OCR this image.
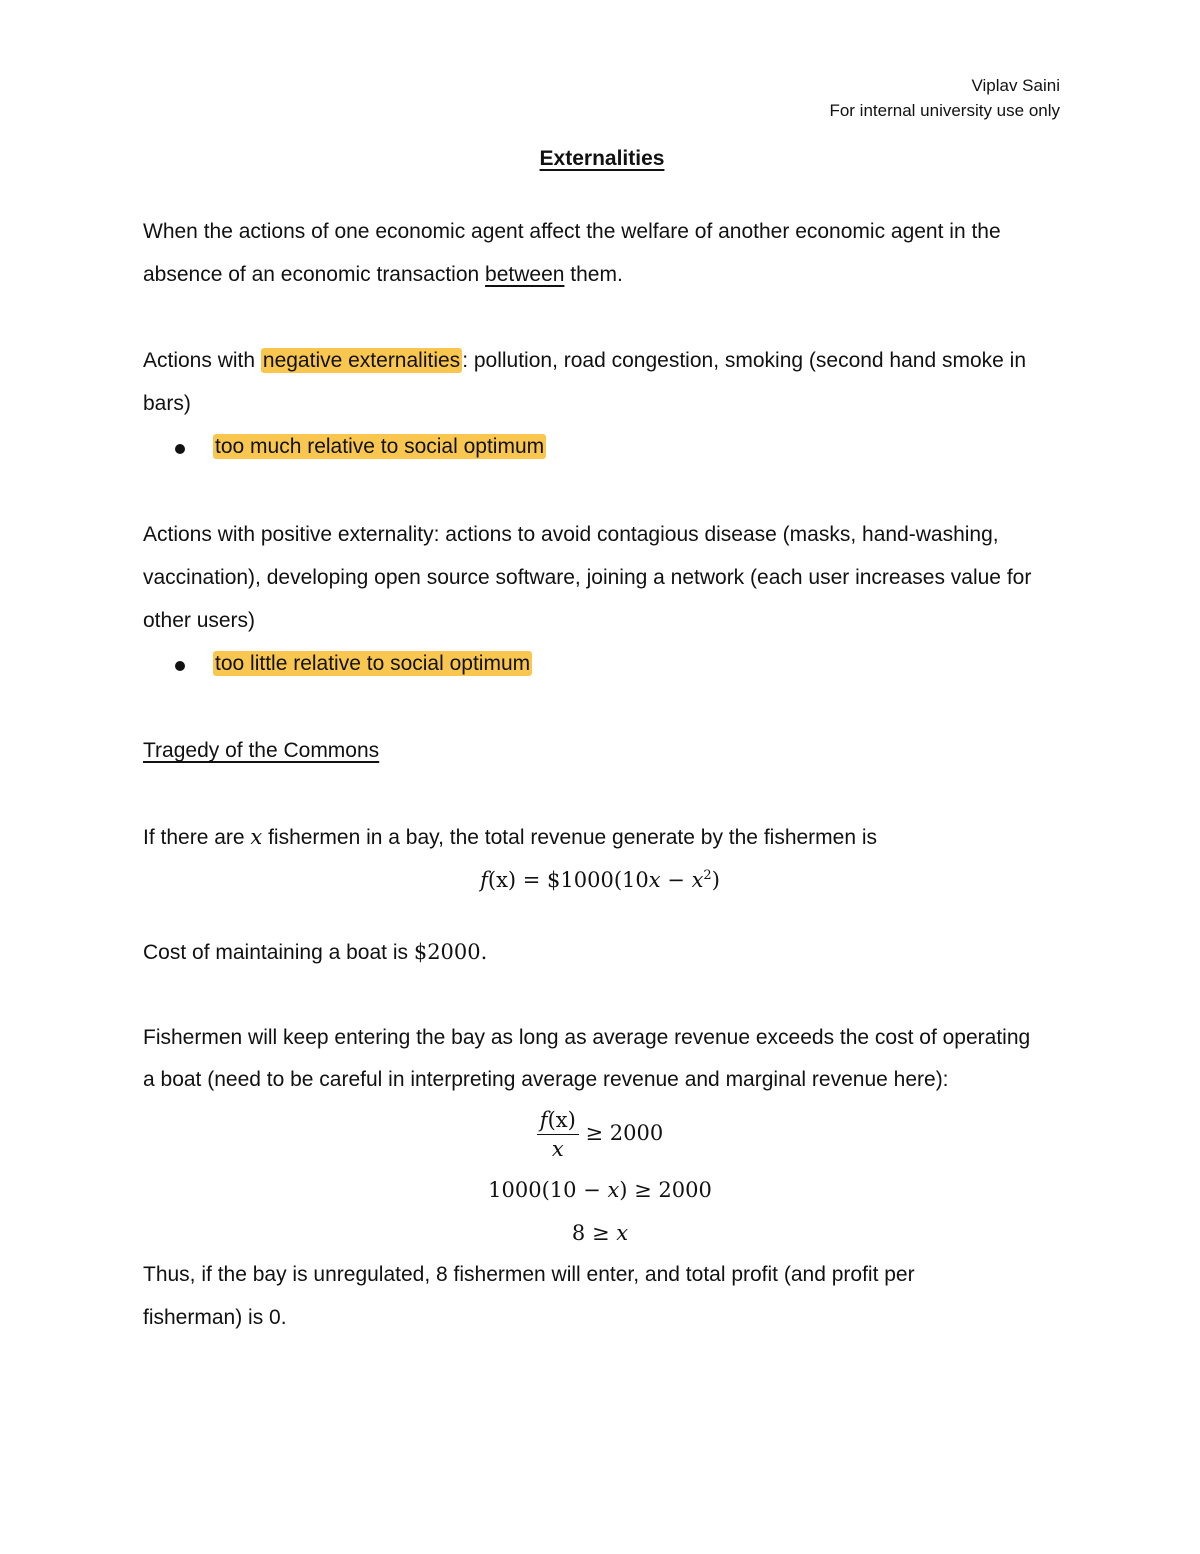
Viplav Saini
For internal university use only
Externalities
When the actions of one economic agent affect the welfare of another economic agent in the
absence of an economic transaction between them.
Actions with negative externalities: pollution, road congestion, smoking (second hand smoke in
bars)
too much relative to social optimum
Actions with positive externality: actions to avoid contagious disease (masks, hand-washing,
vaccination), developing open source software, joining a network (each user increases value for
other users)
too little relative to social optimum
Tragedy of the Commons
If there are x fishermen in a bay, the total revenue generate by the fishermen is
f(x) = $1000(10x − $x^2$)
Cost of maintaining a boat is $2000.
Fishermen will keep entering the bay as long as average revenue exceeds the cost of operating
a boat (need to be careful in interpreting average revenue and marginal revenue here):
$\frac{f(x)}{x} \ge 2000$
1000(10 − x) ≥ 2000
8 ≥ x
Thus, if the bay is unregulated, 8 fishermen will enter, and total profit (and profit per
fisherman) is 0.
